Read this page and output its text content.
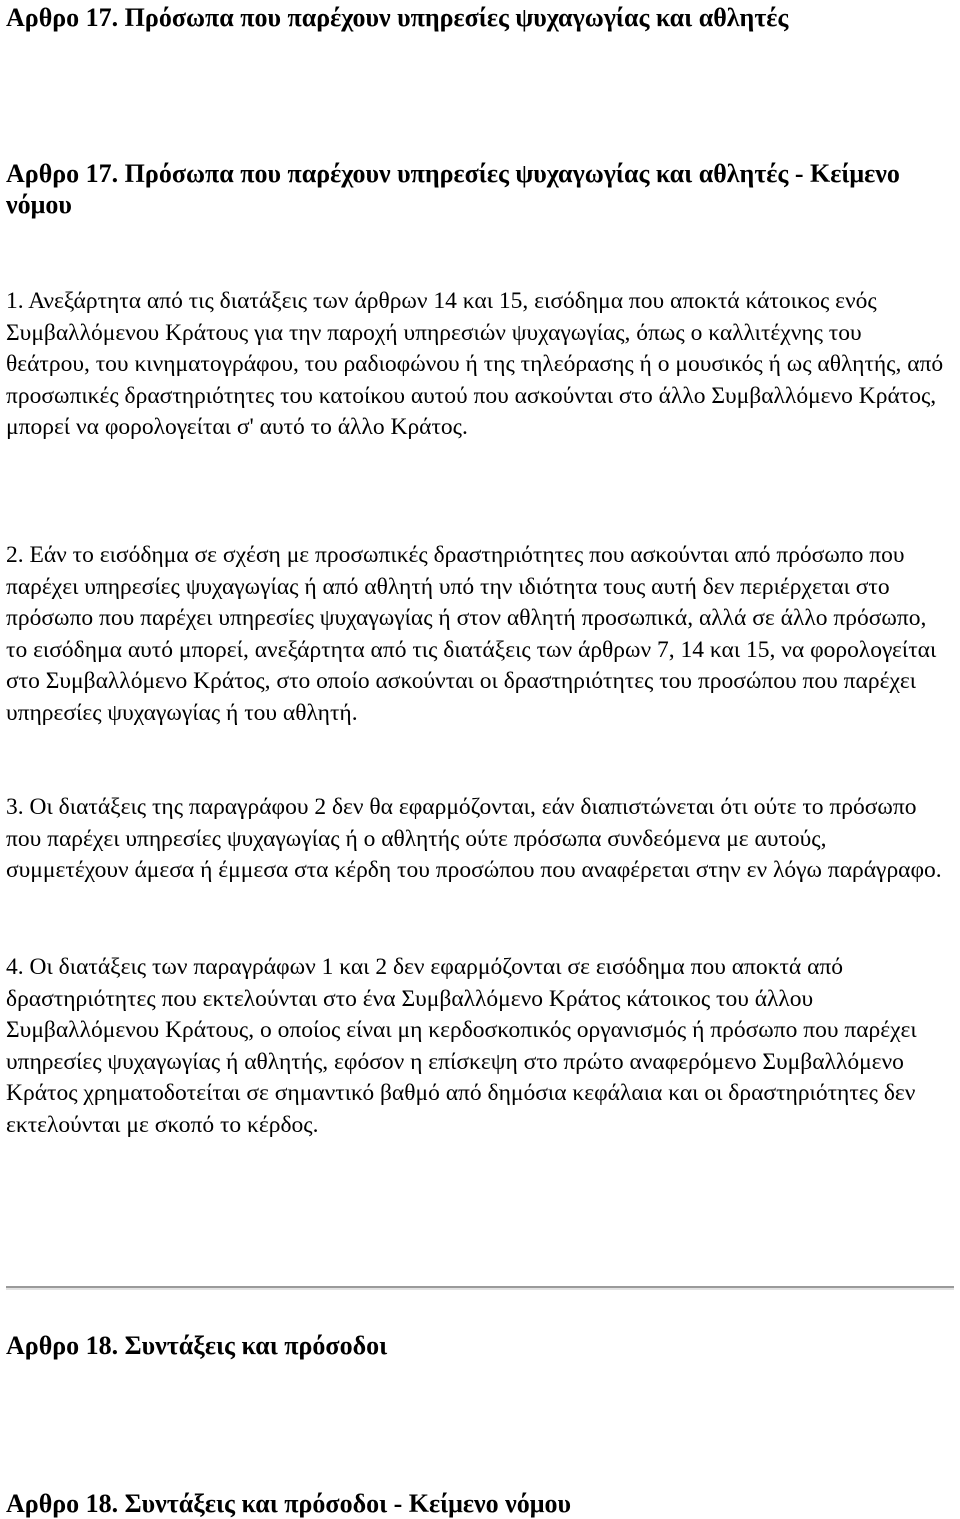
Αρθρο 17. Πρόσωπα που παρέχουν υπηρεσίες ψυχαγωγίας και αθλητές
Αρθρο 17. Πρόσωπα που παρέχουν υπηρεσίες ψυχαγωγίας και αθλητές - Κείμενο νόμου

1. Ανεξάρτητα από τις διατάξεις των άρθρων 14 και 15, εισόδημα που αποκτά κάτοικος ενός Συμβαλλόμενου Κράτους για την παροχή υπηρεσιών ψυχαγωγίας, όπως ο καλλιτέχνης του θεάτρου, του κινηματογράφου, του ραδιοφώνου ή της τηλεόρασης ή ο μουσικός ή ως αθλητής, από προσωπικές δραστηριότητες του κατοίκου αυτού που ασκούνται στο άλλο Συμβαλλόμενο Κράτος, μπορεί να φορολογείται σ' αυτό το άλλο Κράτος.

2. Εάν το εισόδημα σε σχέση με προσωπικές δραστηριότητες που ασκούνται από πρόσωπο που παρέχει υπηρεσίες ψυχαγωγίας ή από αθλητή υπό την ιδιότητα τους αυτή δεν περιέρχεται στο πρόσωπο που παρέχει υπηρεσίες ψυχαγωγίας ή στον αθλητή προσωπικά, αλλά σε άλλο πρόσωπο, το εισόδημα αυτό μπορεί, ανεξάρτητα από τις διατάξεις των άρθρων 7, 14 και 15, να φορολογείται στο Συμβαλλόμενο Κράτος, στο οποίο ασκούνται οι δραστηριότητες του προσώπου που παρέχει υπηρεσίες ψυχαγωγίας ή του αθλητή.

3. Οι διατάξεις της παραγράφου 2 δεν θα εφαρμόζονται, εάν διαπιστώνεται ότι ούτε το πρόσωπο που παρέχει υπηρεσίες ψυχαγωγίας ή ο αθλητής ούτε πρόσωπα συνδεόμενα με αυτούς, συμμετέχουν άμεσα ή έμμεσα στα κέρδη του προσώπου που αναφέρεται στην εν λόγω παράγραφο.

4. Οι διατάξεις των παραγράφων 1 και 2 δεν εφαρμόζονται σε εισόδημα που αποκτά από δραστηριότητες που εκτελούνται στο ένα Συμβαλλόμενο Κράτος κάτοικος του άλλου Συμβαλλόμενου Κράτους, ο οποίος είναι μη κερδοσκοπικός οργανισμός ή πρόσωπο που παρέχει υπηρεσίες ψυχαγωγίας ή αθλητής, εφόσον η επίσκεψη στο πρώτο αναφερόμενο Συμβαλλόμενο Κράτος χρηματοδοτείται σε σημαντικό βαθμό από δημόσια κεφάλαια και οι δραστηριότητες δεν εκτελούνται με σκοπό το κέρδος.

Αρθρο 18. Συντάξεις και πρόσοδοι
Αρθρο 18. Συντάξεις και πρόσοδοι - Κείμενο νόμου
